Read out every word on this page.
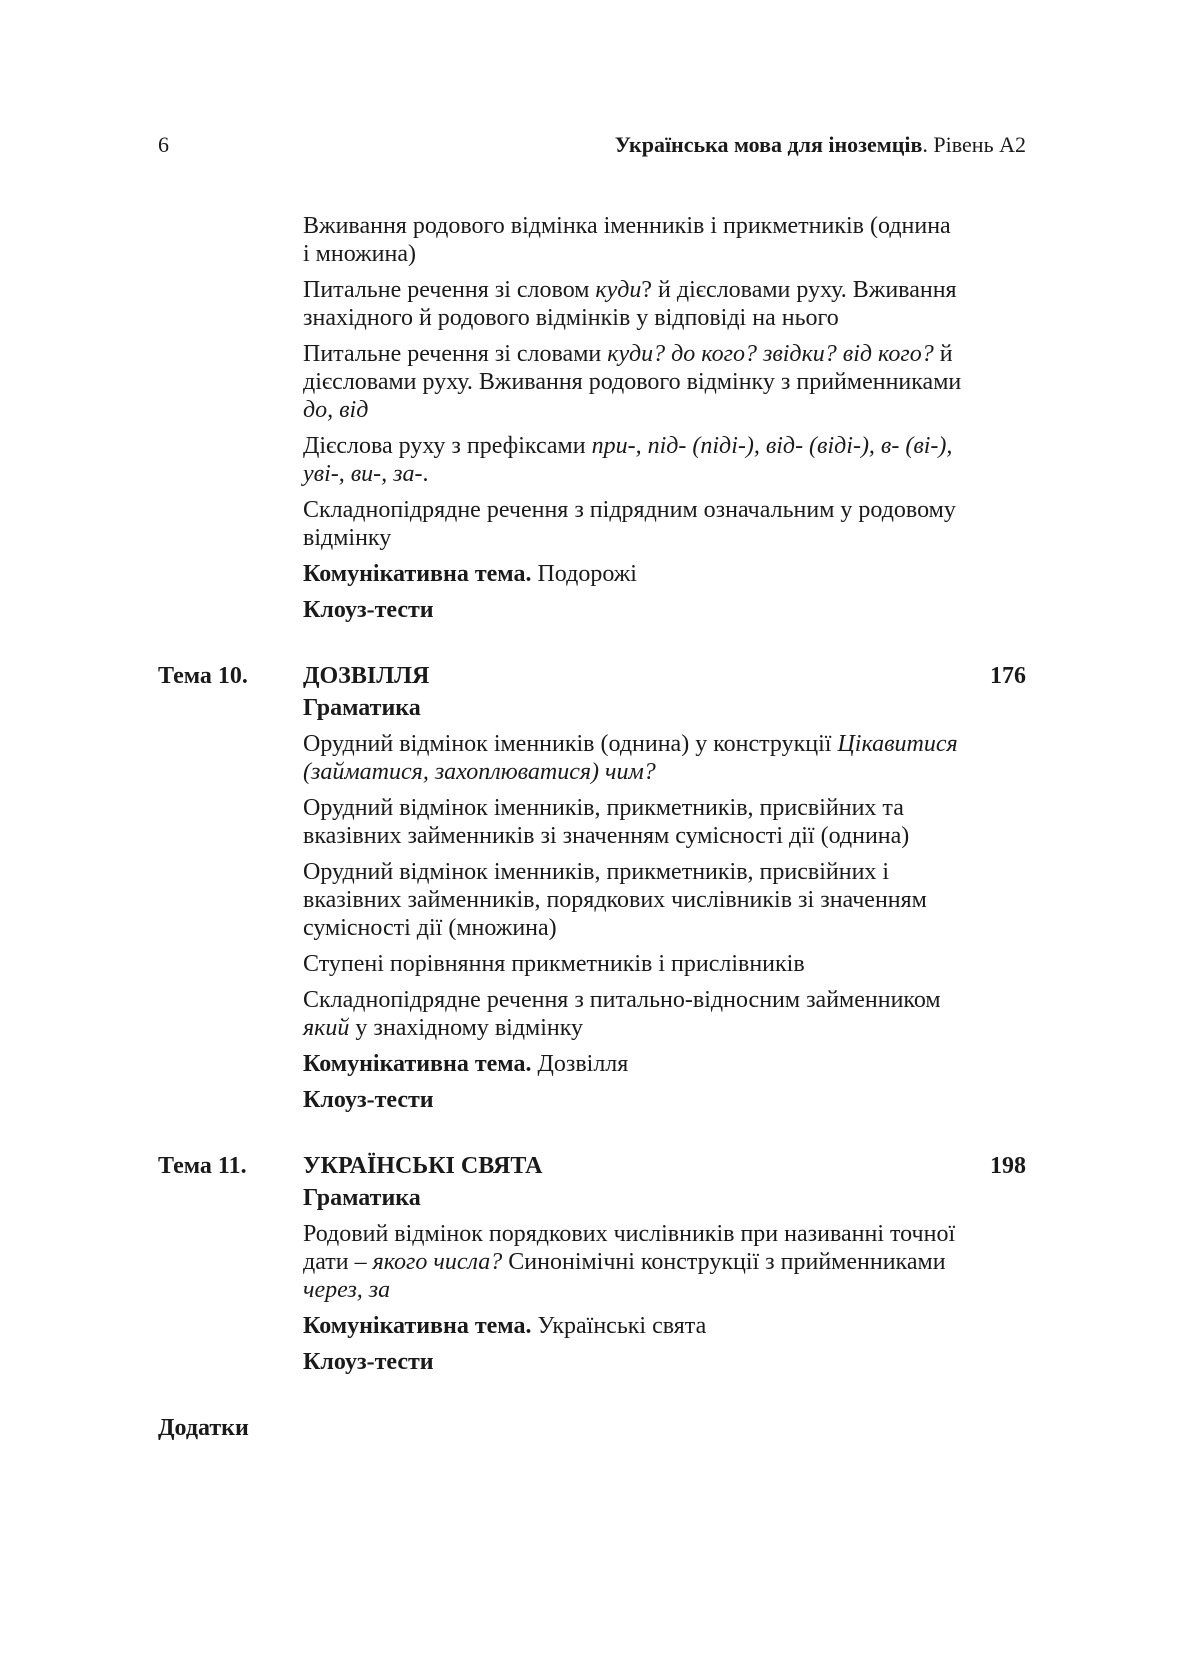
6	Українська мова для іноземців. Рівень А2

Вживання родового відмінка іменників і прикметників (однина і множина)

Питальне речення зі словом куди? й дієсловами руху. Вживання знахідного й родового відмінків у відповіді на нього

Питальне речення зі словами куди? до кого? звідки? від кого? й дієсловами руху. Вживання родового відмінку з прийменниками до, від

Дієслова руху з префіксами при-, під- (піді-), від- (віді-), в- (ві-), уві-, ви-, за-.

Складнопідрядне речення з підрядним означальним у родовому відмінку

Комунікативна тема. Подорожі

Клоуз-тести

Тема 10. ДОЗВІЛЛЯ	176

Граматика

Орудний відмінок іменників (однина) у конструкції Цікавитися (займатися, захоплюватися) чим?

Орудний відмінок іменників, прикметників, присвійних та вказівних займенників зі значенням сумісності дії (однина)

Орудний відмінок іменників, прикметників, присвійних і вказівних займенників, порядкових числівників зі значенням сумісності дії (множина)

Ступені порівняння прикметників і прислівників

Складнопідрядне речення з питально-відносним займенником який у знахідному відмінку

Комунікативна тема. Дозвілля

Клоуз-тести

Тема 11. УКРАЇНСЬКІ СВЯТА	198

Граматика

Родовий відмінок порядкових числівників при називанні точної дати – якого числа? Синонімічні конструкції з прийменниками через, за

Комунікативна тема. Українські свята

Клоуз-тести

Додатки
